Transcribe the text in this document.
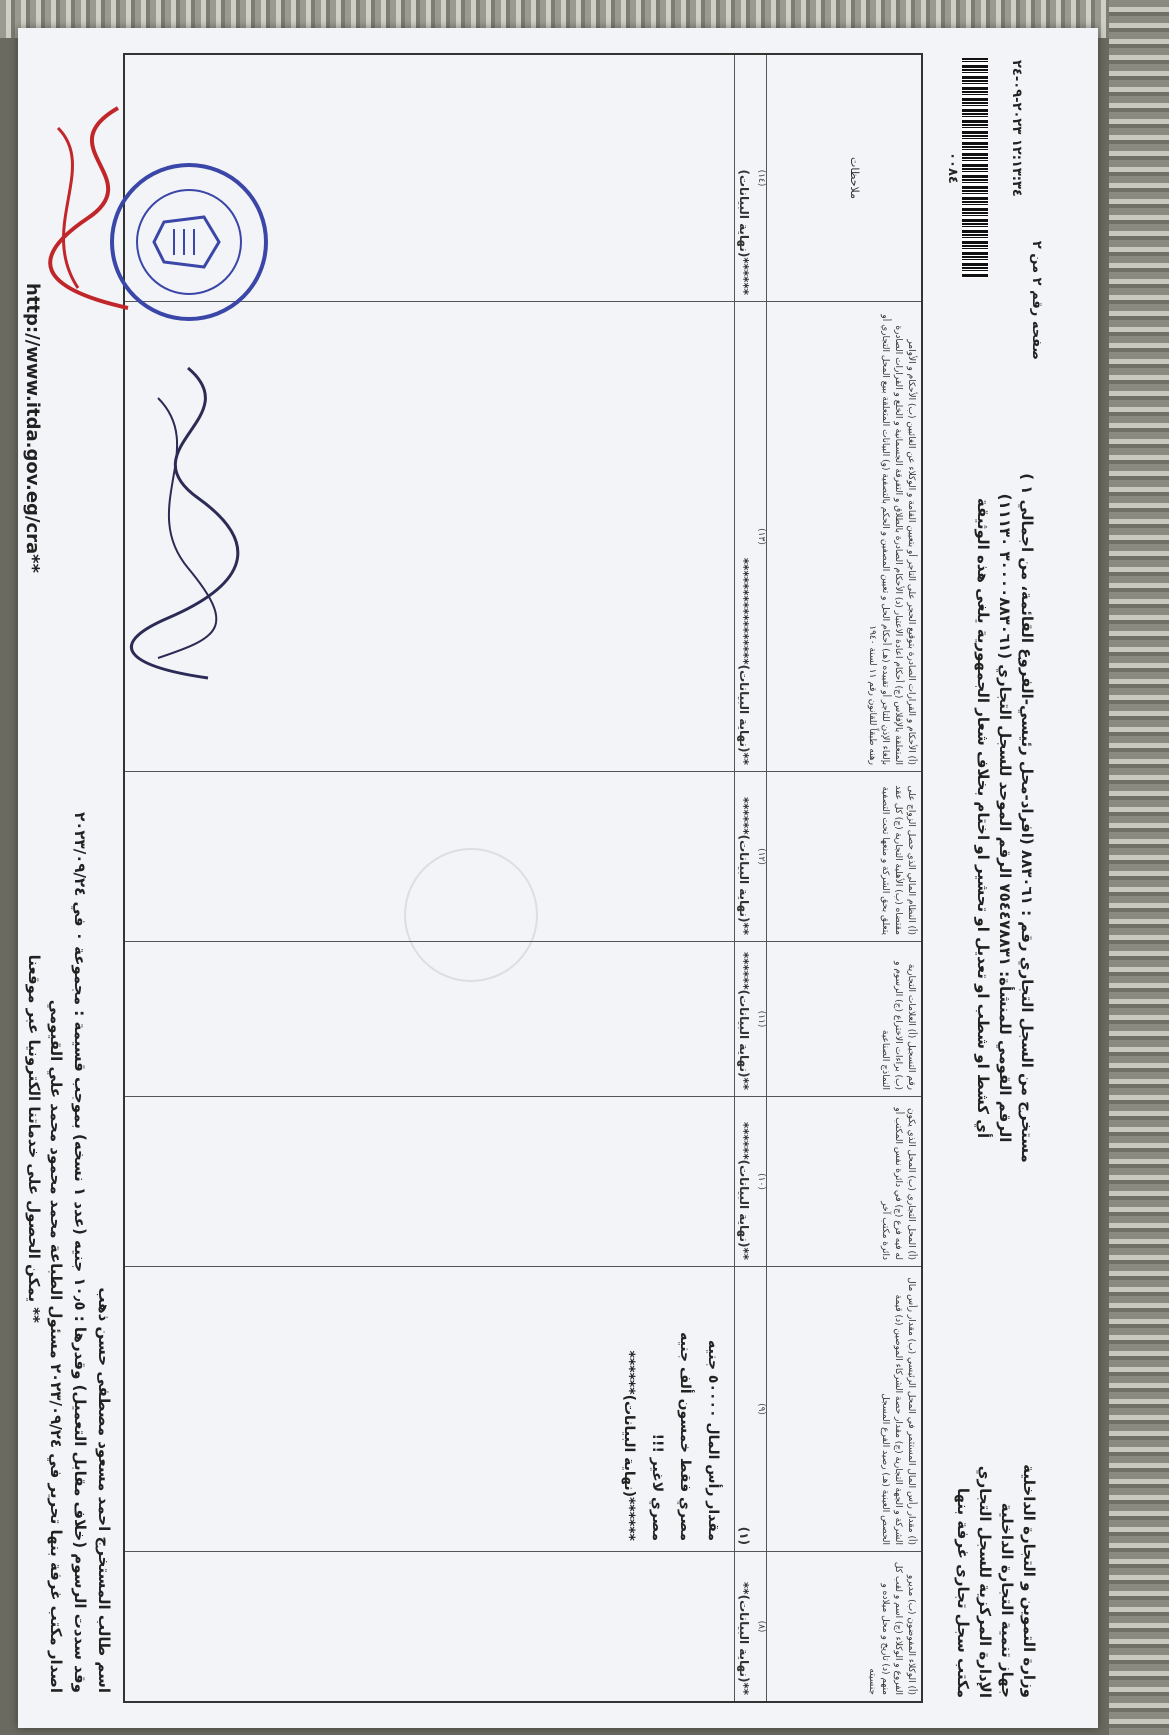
صفحه رقم ٢ من ٢
١٢:١٣:٣٤ ٢٠٢٣-٠٩-٢٤
٠٠٨٤
مستخرج من السجل التجاري رقم : ٨٨٣٠٦١ (افراد-محل رئيسي-الفروع القائمة، من اجمالي ١ )
الرقم القومي للمنشأة: ٧٥٤٤٧٨٨٣١ الرقم الموحد للسجل التجاري (٣٠٠٠٠٨٨٣٠٦١ ١١١٣٠)
أي كشط او شطب او تعديل او تحشير او اختام بخلاف شعار الجمهورية يلغى هذه الوثيقة
وزارة التموين و التجارة الداخلية
جهاز تنمية التجارة الداخلية
الإدارة المركزية للسجل التجاري
مكتب سجل تجارى غرفة بنها
(أ) الوكلاء المفوضون (ب) مديرو الفروع و الوكلاء (ج) اسم و لقب كل منهم (د) تاريخ و محل ميلاده و جنسيته
(٨)
**(نهاية البيانات)**
(أ) مقدار رأس المال المستثمر في المحل الرئيسي (ب) مقدار رأس مال الشركة و الجهة التجارية (ج) مقدار حصة الشركاء الموصين (د) قيمة الحصص العينية (هـ) رصيد الفرع المسجل
(٩)
(١)
مقدار رأس المال ٥٠٠٠٠ جنيه
مصري فقط خمسون ألف جنيه
مصري لاغير !!!
******(نهاية البيانات)******
(أ) المحل التجاري (ب) المحل الذي يكون له فيه فرع (ج) في دائرة نفس المكتب أو دائرة مكتب آخر
(١٠)
**(نهاية البيانات)******
رقم التسجيل (أ) العلامات التجارية (ب) براءات الاختراع (ج) الرسوم و النماذج الصناعية
(١١)
**(نهاية البيانات)******
(أ) النظام المالي الذي حصل الزواج على مقتضاه (ب) الأهلية التجارية (ج) كل عقد يتعلق بحق الشركة و منعها تحت التصفية
(١٢)
**(نهاية البيانات)******
(أ) الأحكام و القرارات الصادرة بتوقيع الحجر على التاجر أو بتعيين القامة و الوكلاء عن الغائبين (ب) الأحكام و الأوامر المتعلقة بالإفلاس (ج) أحكام اعادة الاعتبار (د) الأحكام الصادرة بالطلاق و التفرقة الجسمانية و الخلع و القرارات الصادرة بإلغاء الإذن للتاجر أو تقييده (هـ) أحكام الحل و تعيين المصفين و الحكم بالتصفية (و) البيانات المتعلقة ببيع المحل التجاري أو رهنه طبقاً للقانون رقم ١١ لسنة ١٩٤٠
(١٣)
**(نهاية البيانات)*****************
ملاحظات
(١٤)
******(نهاية البيانات)
اسم طالب المستخرج احمد مسعود مصطفى حسن ذهب
وقد سددت الرسوم (خلاف مقابل التعميل) وقدرها : ١٠٫٥ جنيه (عدد ١ نسخه) بموجب قسيمة : مجموعة ٠ في ٢٠٢٣/٠٩/٢٤
اصدار مكتب غرفة بنها تحرير في ٢٠٢٣/٠٩/٢٤ مسئول الطباعة محمد محمود محمد علي القيومي
** يمكن الحصول على خدماتنا الكترونيا عبر موقعنا
http://www.itda.gov.eg/cra**
